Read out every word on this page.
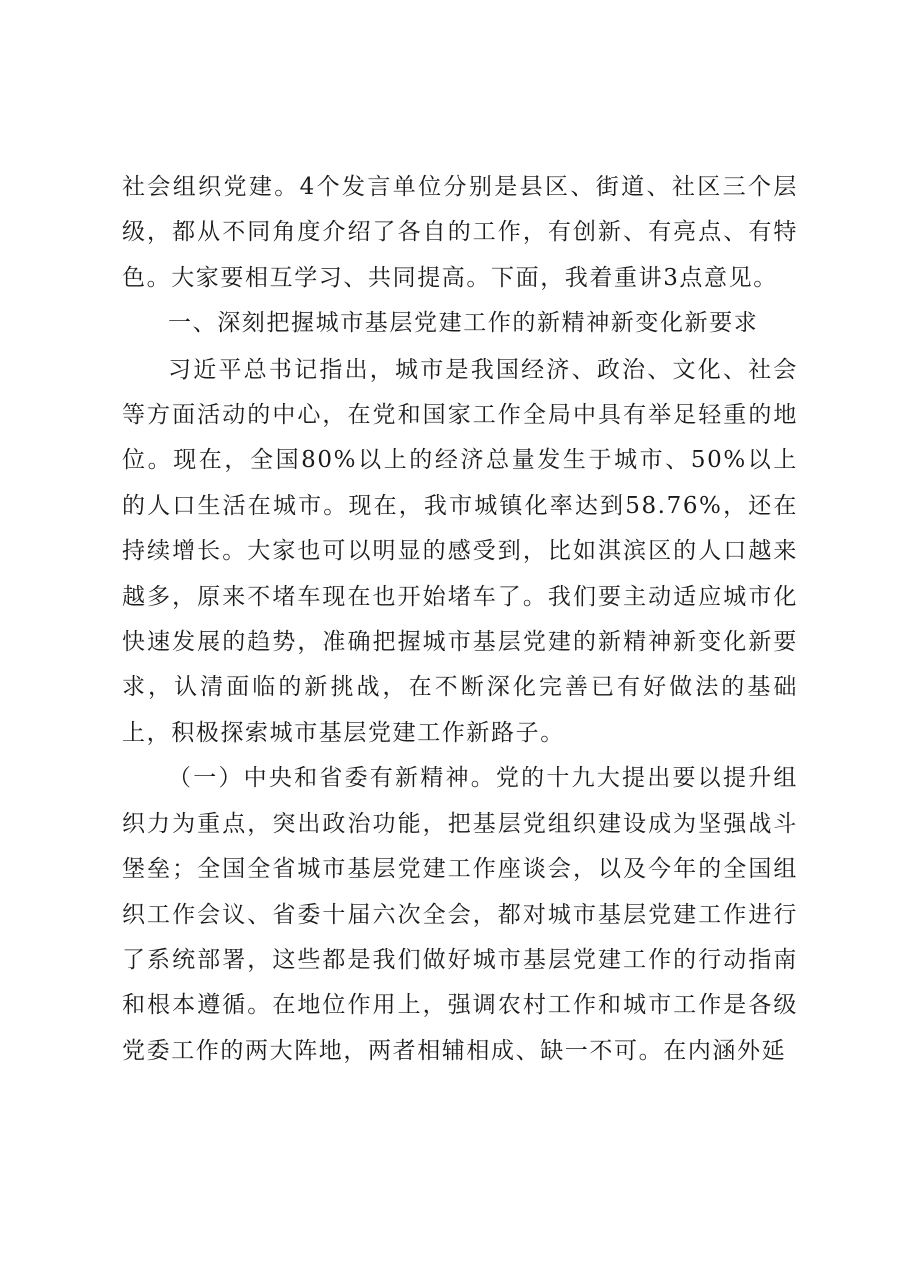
社会组织党建。4个发言单位分别是县区、街道、社区三个层级，都从不同角度介绍了各自的工作，有创新、有亮点、有特色。大家要相互学习、共同提高。下面，我着重讲3点意见。

一、深刻把握城市基层党建工作的新精神新变化新要求

习近平总书记指出，城市是我国经济、政治、文化、社会等方面活动的中心，在党和国家工作全局中具有举足轻重的地位。现在，全国80%以上的经济总量发生于城市、50%以上的人口生活在城市。现在，我市城镇化率达到58.76%，还在持续增长。大家也可以明显的感受到，比如淇滨区的人口越来越多，原来不堵车现在也开始堵车了。我们要主动适应城市化快速发展的趋势，准确把握城市基层党建的新精神新变化新要求，认清面临的新挑战，在不断深化完善已有好做法的基础上，积极探索城市基层党建工作新路子。

（一）中央和省委有新精神。党的十九大提出要以提升组织力为重点，突出政治功能，把基层党组织建设成为坚强战斗堡垒；全国全省城市基层党建工作座谈会，以及今年的全国组织工作会议、省委十届六次全会，都对城市基层党建工作进行了系统部署，这些都是我们做好城市基层党建工作的行动指南和根本遵循。在地位作用上，强调农村工作和城市工作是各级党委工作的两大阵地，两者相辅相成、缺一不可。在内涵外延
